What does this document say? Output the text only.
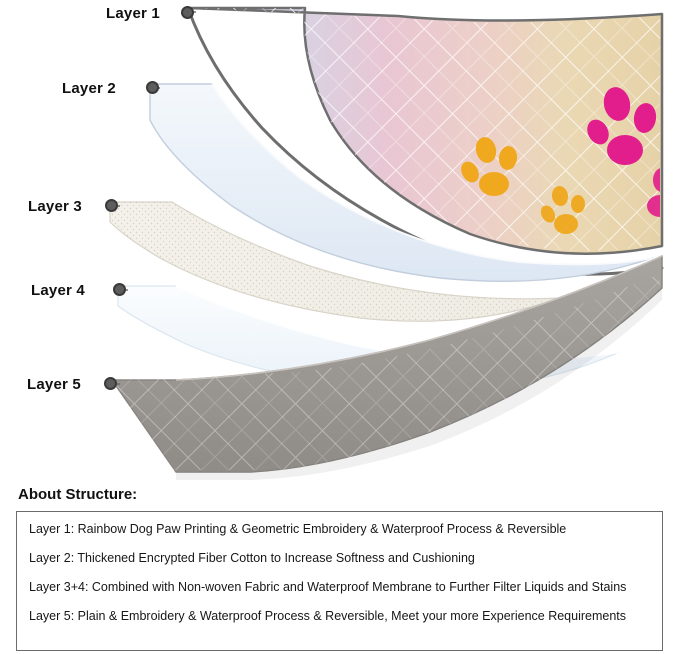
Layer 1
Layer 2
Layer 3
Layer 4
Layer 5
About Structure:
Layer 1: Rainbow Dog Paw Printing & Geometric Embroidery & Waterproof Process & Reversible
Layer 2: Thickened Encrypted Fiber Cotton to Increase Softness and Cushioning
Layer 3+4: Combined with Non-woven Fabric and Waterproof Membrane to Further Filter Liquids and Stains
Layer 5: Plain & Embroidery & Waterproof Process & Reversible, Meet your more Experience Requirements
